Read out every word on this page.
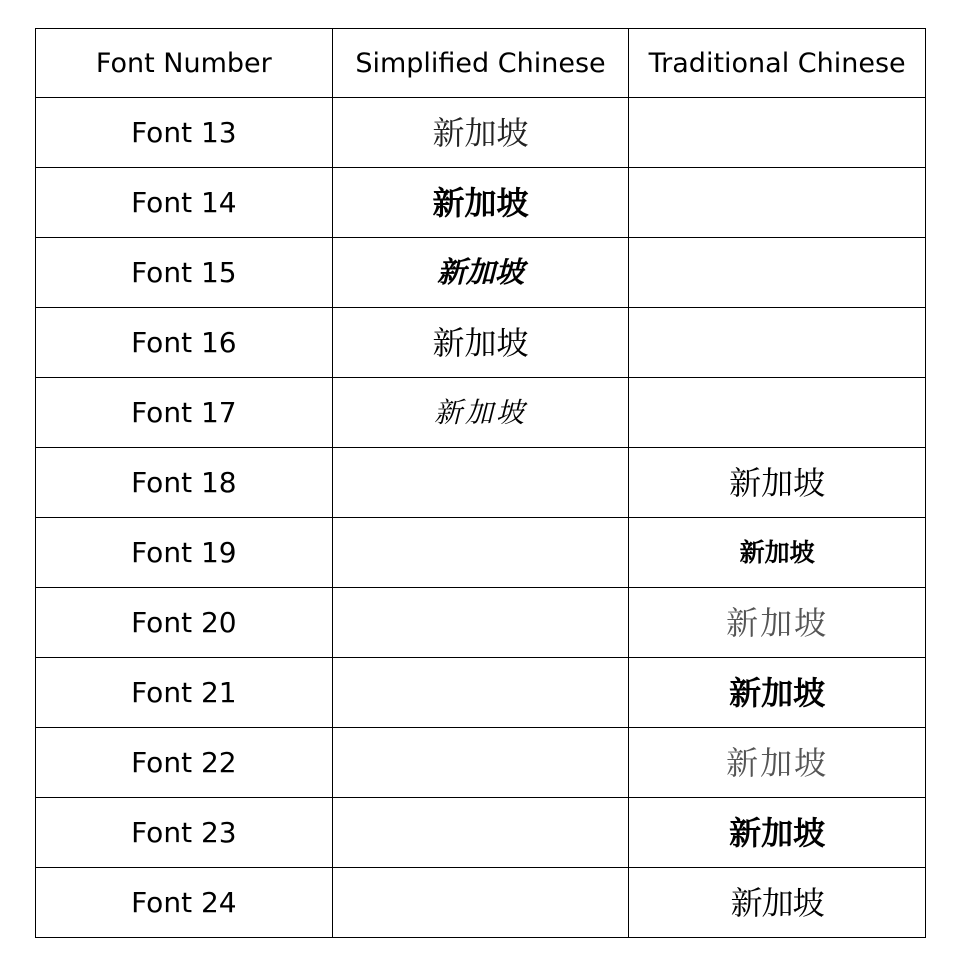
Font Number	Simplified Chinese	Traditional Chinese
Font 13	新加坡	
Font 14	新加坡	
Font 15	新加坡	
Font 16	新加坡	
Font 17	新加坡	
Font 18		新加坡
Font 19		新加坡
Font 20		新加坡
Font 21		新加坡
Font 22		新加坡
Font 23		新加坡
Font 24		新加坡
